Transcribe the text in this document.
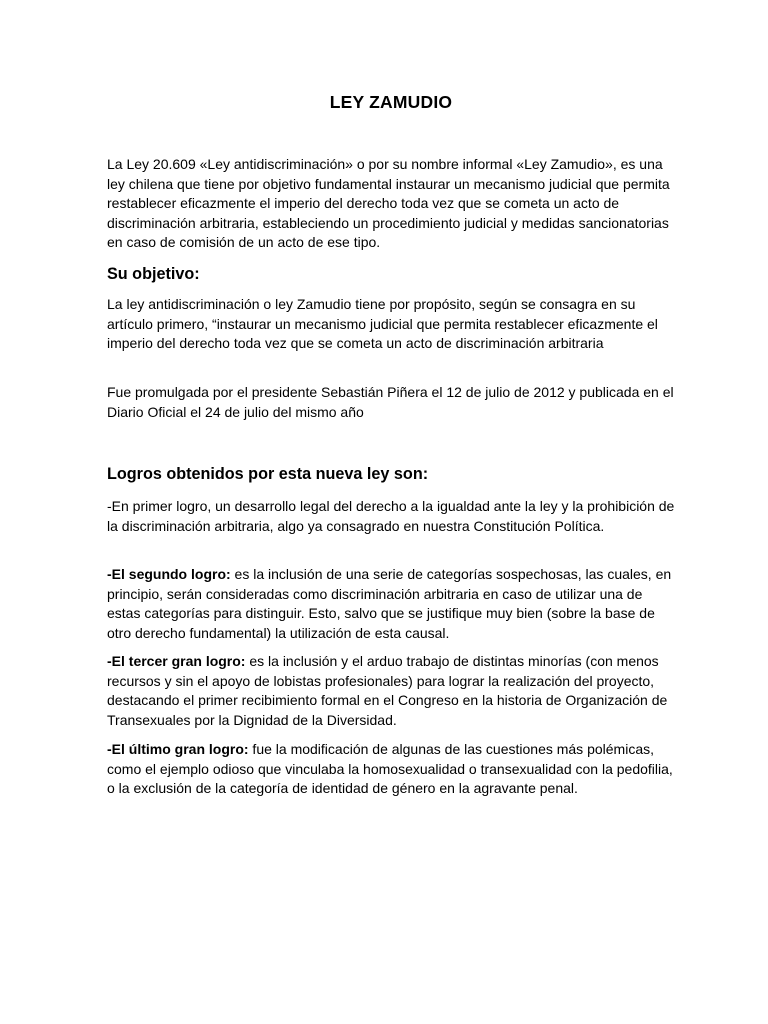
LEY ZAMUDIO

La Ley 20.609 «Ley antidiscriminación» o por su nombre informal «Ley Zamudio», es una ley chilena que tiene por objetivo fundamental instaurar un mecanismo judicial que permita restablecer eficazmente el imperio del derecho toda vez que se cometa un acto de discriminación arbitraria, estableciendo un procedimiento judicial y medidas sancionatorias en caso de comisión de un acto de ese tipo.

Su objetivo:

La ley antidiscriminación o ley Zamudio tiene por propósito, según se consagra en su artículo primero, “instaurar un mecanismo judicial que permita restablecer eficazmente el imperio del derecho toda vez que se cometa un acto de discriminación arbitraria

Fue promulgada por el presidente Sebastián Piñera el 12 de julio de 2012 y publicada en el Diario Oficial el 24 de julio del mismo año

Logros obtenidos por esta nueva ley son:

-En primer logro, un desarrollo legal del derecho a la igualdad ante la ley y la prohibición de la discriminación arbitraria, algo ya consagrado en nuestra Constitución Política.

-El segundo logro: es la inclusión de una serie de categorías sospechosas, las cuales, en principio, serán consideradas como discriminación arbitraria en caso de utilizar una de estas categorías para distinguir. Esto, salvo que se justifique muy bien (sobre la base de otro derecho fundamental) la utilización de esta causal.

-El tercer gran logro: es la inclusión y el arduo trabajo de distintas minorías (con menos recursos y sin el apoyo de lobistas profesionales) para lograr la realización del proyecto, destacando el primer recibimiento formal en el Congreso en la historia de Organización de Transexuales por la Dignidad de la Diversidad.

-El último gran logro: fue la modificación de algunas de las cuestiones más polémicas, como el ejemplo odioso que vinculaba la homosexualidad o transexualidad con la pedofilia, o la exclusión de la categoría de identidad de género en la agravante penal.
